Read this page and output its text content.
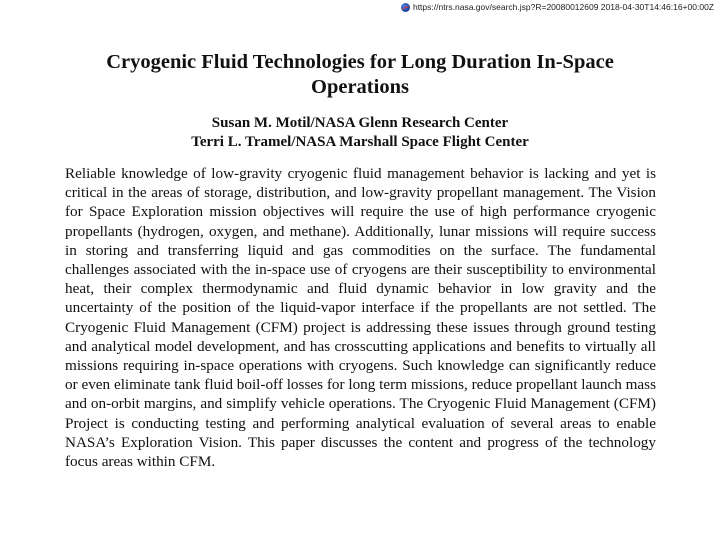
https://ntrs.nasa.gov/search.jsp?R=20080012609 2018-04-30T14:46:16+00:00Z
Cryogenic Fluid Technologies for Long Duration In-Space Operations
Susan M. Motil/NASA Glenn Research Center
Terri L. Tramel/NASA Marshall Space Flight Center

Reliable knowledge of low-gravity cryogenic fluid management behavior is lacking and yet is critical in the areas of storage, distribution, and low-gravity propellant management. The Vision for Space Exploration mission objectives will require the use of high performance cryogenic propellants (hydrogen, oxygen, and methane). Additionally, lunar missions will require success in storing and transferring liquid and gas commodities on the surface. The fundamental challenges associated with the in-space use of cryogens are their susceptibility to environmental heat, their complex thermodynamic and fluid dynamic behavior in low gravity and the uncertainty of the position of the liquid-vapor interface if the propellants are not settled. The Cryogenic Fluid Management (CFM) project is addressing these issues through ground testing and analytical model development, and has crosscutting applications and benefits to virtually all missions requiring in-space operations with cryogens. Such knowledge can significantly reduce or even eliminate tank fluid boil-off losses for long term missions, reduce propellant launch mass and on-orbit margins, and simplify vehicle operations. The Cryogenic Fluid Management (CFM) Project is conducting testing and performing analytical evaluation of several areas to enable NASA’s Exploration Vision. This paper discusses the content and progress of the technology focus areas within CFM.
